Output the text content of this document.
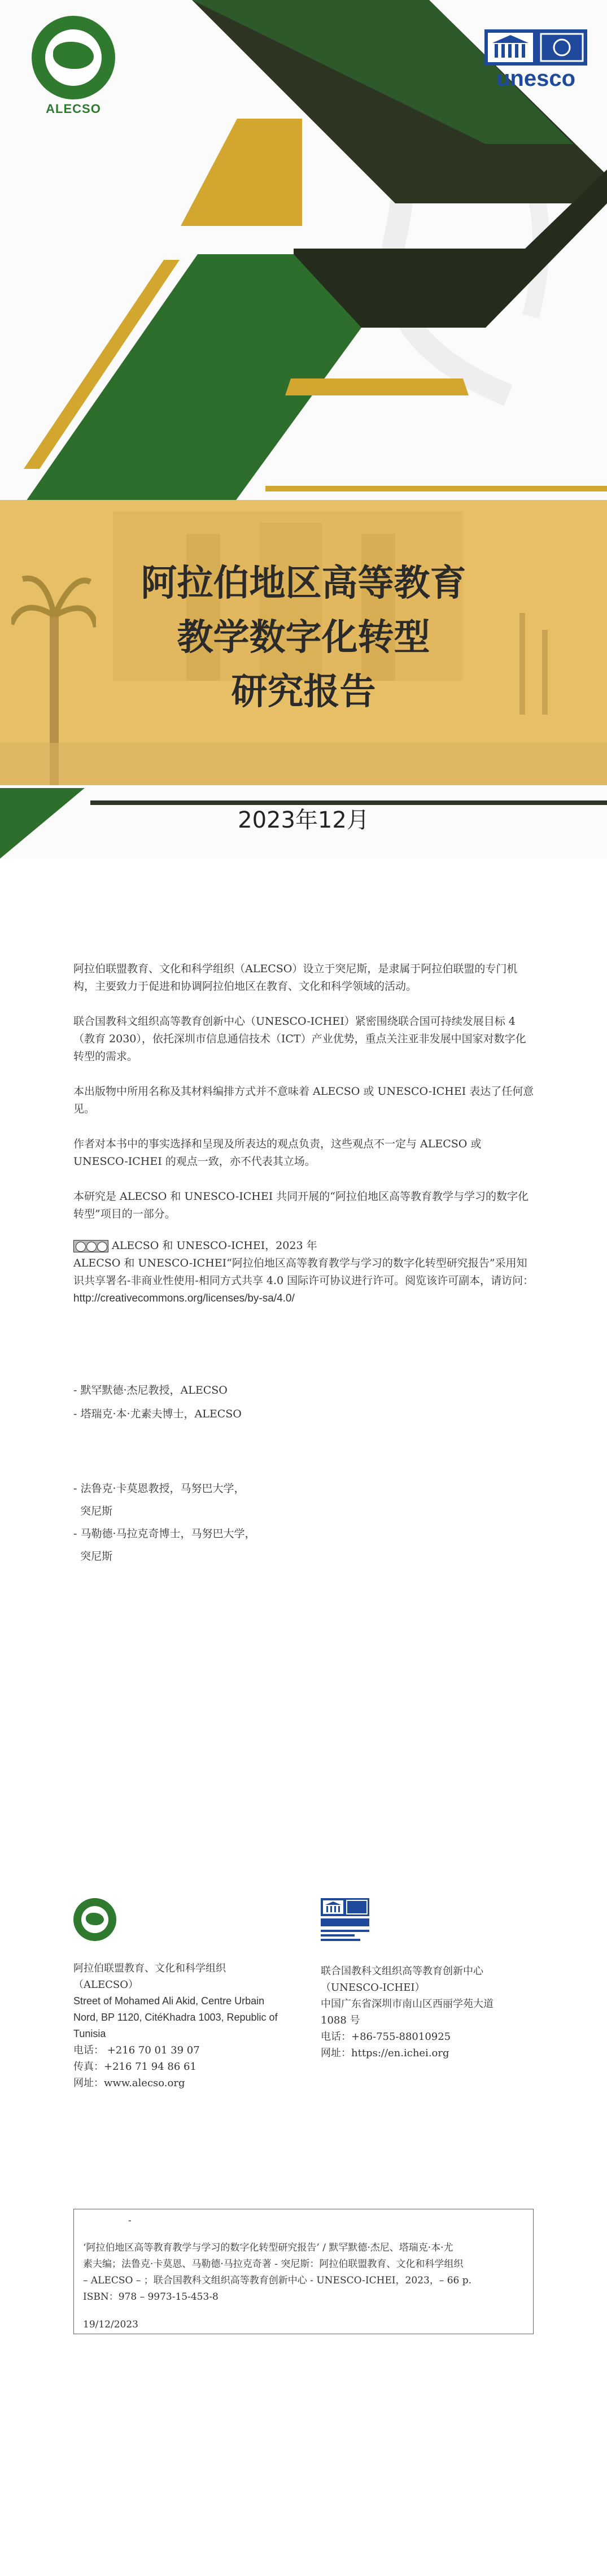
ALECSO
unesco
阿拉伯地区高等教育
教学数字化转型
研究报告
2023年12月

阿拉伯联盟教育、文化和科学组织（ALECSO）设立于突尼斯，是隶属于阿拉伯联盟的专门机构，主要致力于促进和协调阿拉伯地区在教育、文化和科学领域的活动。

联合国教科文组织高等教育创新中心（UNESCO-ICHEI）紧密围绕联合国可持续发展目标 4（教育 2030），依托深圳市信息通信技术（ICT）产业优势，重点关注亚非发展中国家对数字化转型的需求。

本出版物中所用名称及其材料编排方式并不意味着 ALECSO 或 UNESCO-ICHEI 表达了任何意见。

作者对本书中的事实选择和呈现及所表达的观点负责，这些观点不一定与 ALECSO 或 UNESCO-ICHEI 的观点一致，亦不代表其立场。

本研究是 ALECSO 和 UNESCO-ICHEI 共同开展的“阿拉伯地区高等教育教学与学习的数字化转型”项目的一部分。

ALECSO 和 UNESCO-ICHEI，2023 年
ALECSO 和 UNESCO-ICHEI“阿拉伯地区高等教育教学与学习的数字化转型研究报告”采用知识共享署名-非商业性使用-相同方式共享 4.0 国际许可协议进行许可。阅览该许可副本，请访问：
http://creativecommons.org/licenses/by-sa/4.0/
- 默罕默德·杰尼教授，ALECSO
- 塔瑞克·本·尤素夫博士，ALECSO
- 法鲁克·卡莫恩教授，马努巴大学，
突尼斯
- 马勒德·马拉克奇博士，马努巴大学，
突尼斯
阿拉伯联盟教育、文化和科学组织
（ALECSO）
Street of Mohamed Ali Akid, Centre Urbain
Nord, BP 1120, CitéKhadra 1003, Republic of
Tunisia
电话： +216 70 01 39 07
传真：+216 71 94 86 61
网址：www.alecso.org
联合国教科文组织高等教育创新中心
（UNESCO-ICHEI）
中国广东省深圳市南山区西丽学苑大道
1088 号
电话：+86-755-88010925
网址：https://en.ichei.org
-
‘阿拉伯地区高等教育教学与学习的数字化转型研究报告’ / 默罕默德·杰尼、塔瑞克·本·尤
素夫编；法鲁克·卡莫恩、马勒德·马拉克奇著 - 突尼斯：阿拉伯联盟教育、文化和科学组织
– ALECSO – ；联合国教科文组织高等教育创新中心 - UNESCO-ICHEI，2023，– 66 p.
ISBN：978 – 9973-15-453-8
19/12/2023
